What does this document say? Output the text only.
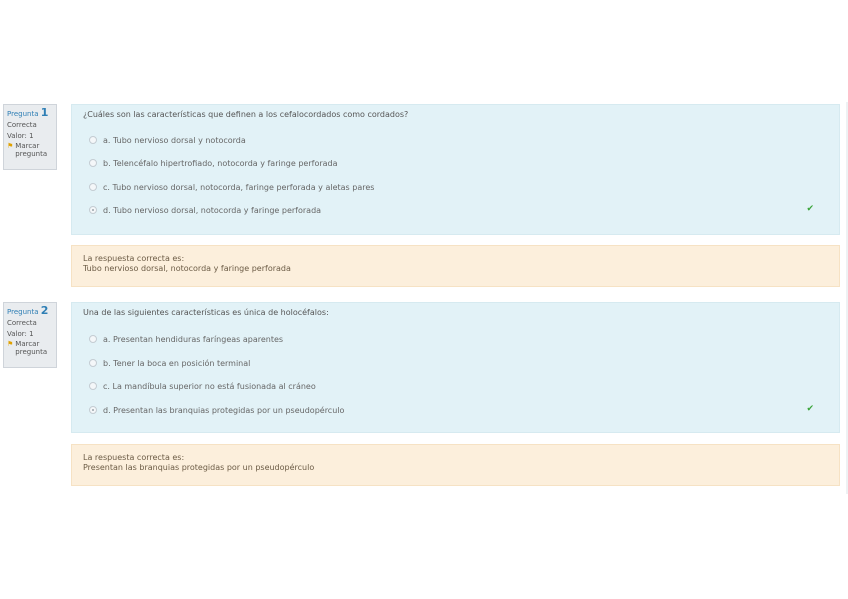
Pregunta 1
Correcta
Valor: 1
⚑ Marcar pregunta
¿Cuáles son las características que definen a los cefalocordados como cordados?
a. Tubo nervioso dorsal y notocorda
b. Telencéfalo hipertrofiado, notocorda y faringe perforada
c. Tubo nervioso dorsal, notocorda, faringe perforada y aletas pares
d. Tubo nervioso dorsal, notocorda y faringe perforada	✔
La respuesta correcta es:
Tubo nervioso dorsal, notocorda y faringe perforada
Pregunta 2
Correcta
Valor: 1
⚑ Marcar pregunta
Una de las siguientes características es única de holocéfalos:
a. Presentan hendiduras faríngeas aparentes
b. Tener la boca en posición terminal
c. La mandíbula superior no está fusionada al cráneo
d. Presentan las branquias protegidas por un pseudopérculo	✔
La respuesta correcta es:
Presentan las branquias protegidas por un pseudopérculo
